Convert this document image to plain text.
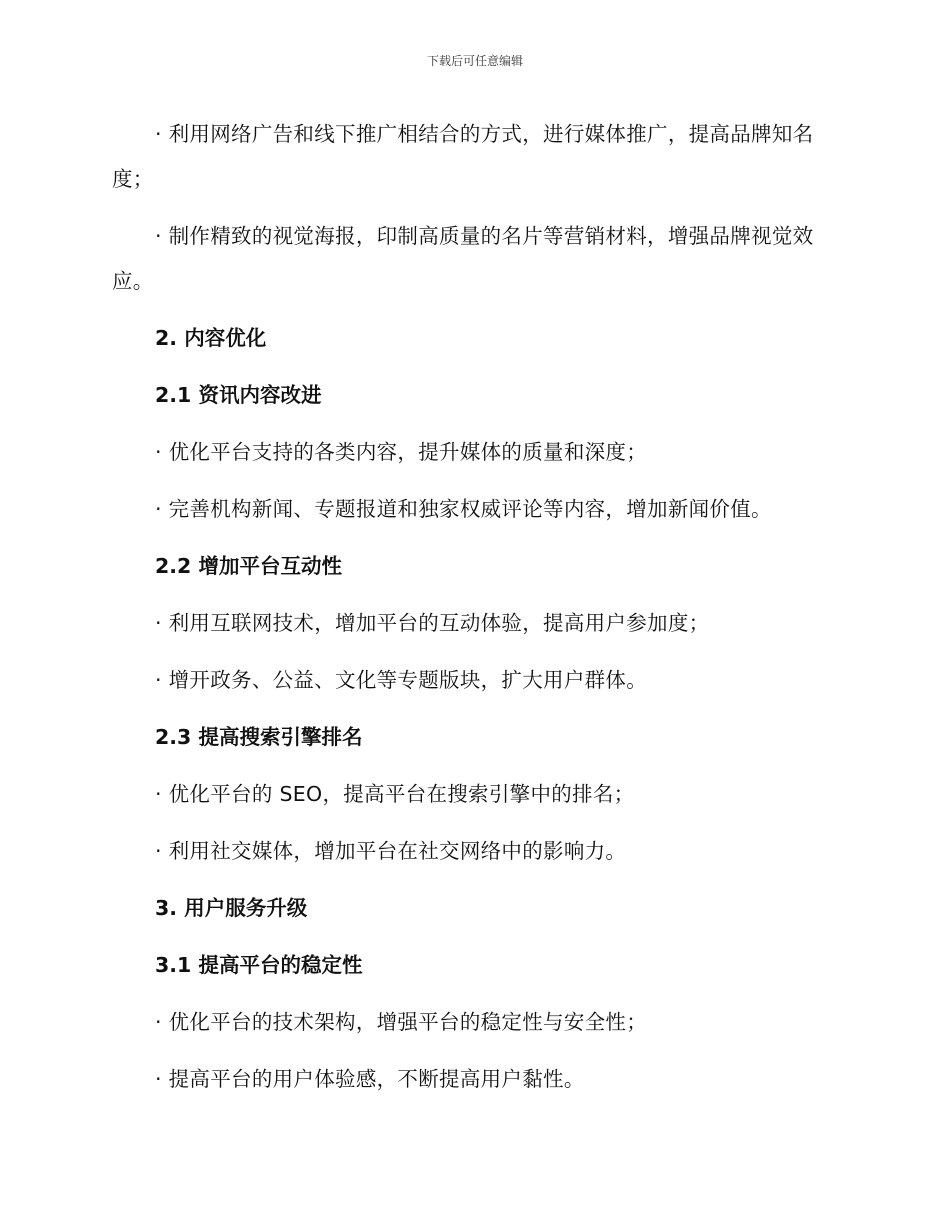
下载后可任意编辑

· 利用网络广告和线下推广相结合的方式，进行媒体推广，提高品牌知名度；

· 制作精致的视觉海报，印制高质量的名片等营销材料，增强品牌视觉效应。

2. 内容优化
2.1 资讯内容改进

· 优化平台支持的各类内容，提升媒体的质量和深度；

· 完善机构新闻、专题报道和独家权威评论等内容，增加新闻价值。

2.2 增加平台互动性

· 利用互联网技术，增加平台的互动体验，提高用户参加度；

· 增开政务、公益、文化等专题版块，扩大用户群体。

2.3 提高搜索引擎排名

· 优化平台的 SEO，提高平台在搜索引擎中的排名；

· 利用社交媒体，增加平台在社交网络中的影响力。

3. 用户服务升级
3.1 提高平台的稳定性

· 优化平台的技术架构，增强平台的稳定性与安全性；

· 提高平台的用户体验感，不断提高用户黏性。
